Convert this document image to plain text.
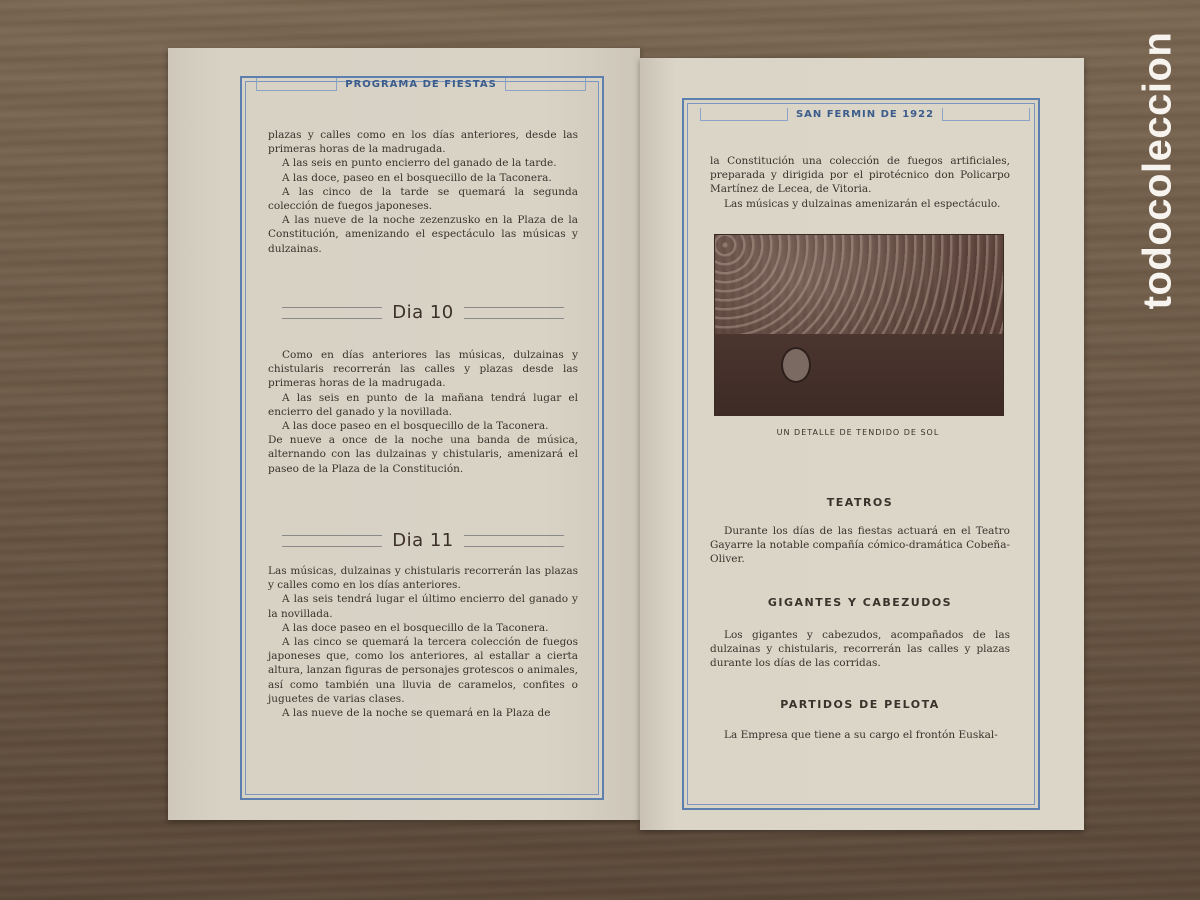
todocoleccion
PROGRAMA DE FIESTAS

plazas y calles como en los días anteriores, desde las primeras horas de la madrugada.

A las seis en punto encierro del ganado de la tarde.

A las doce, paseo en el bosquecillo de la Taconera.

A las cinco de la tarde se quemará la segunda colección de fuegos japoneses.

A las nueve de la noche zezenzusko en la Plaza de la Constitución, amenizando el espectáculo las músicas y dulzainas.

Dia 10

Como en días anteriores las músicas, dulzainas y chistularis recorrerán las calles y plazas desde las primeras horas de la madrugada.

A las seis en punto de la mañana tendrá lugar el encierro del ganado y la novillada.

A las doce paseo en el bosquecillo de la Taconera.

De nueve a once de la noche una banda de música, alternando con las dulzainas y chistularis, amenizará el paseo de la Plaza de la Constitución.

Dia 11

Las músicas, dulzainas y chistularis recorrerán las plazas y calles como en los días anteriores.

A las seis tendrá lugar el último encierro del ganado y la novillada.

A las doce paseo en el bosquecillo de la Taconera.

A las cinco se quemará la tercera colección de fuegos japoneses que, como los anteriores, al estallar a cierta altura, lanzan figuras de personajes grotescos o animales, así como también una lluvia de caramelos, confites o juguetes de varias clases.

A las nueve de la noche se quemará en la Plaza de

SAN FERMIN DE 1922

la Constitución una colección de fuegos artificiales, preparada y dirigida por el pirotécnico don Policarpo Martínez de Lecea, de Vitoria.

Las músicas y dulzainas amenizarán el espectáculo.

UN DETALLE DE TENDIDO DE SOL
TEATROS

Durante los días de las fiestas actuará en el Teatro Gayarre la notable compañía cómico-dramática Cobeña-Oliver.

GIGANTES Y CABEZUDOS

Los gigantes y cabezudos, acompañados de las dulzainas y chistularis, recorrerán las calles y plazas durante los días de las corridas.

PARTIDOS DE PELOTA

La Empresa que tiene a su cargo el frontón Euskal-
